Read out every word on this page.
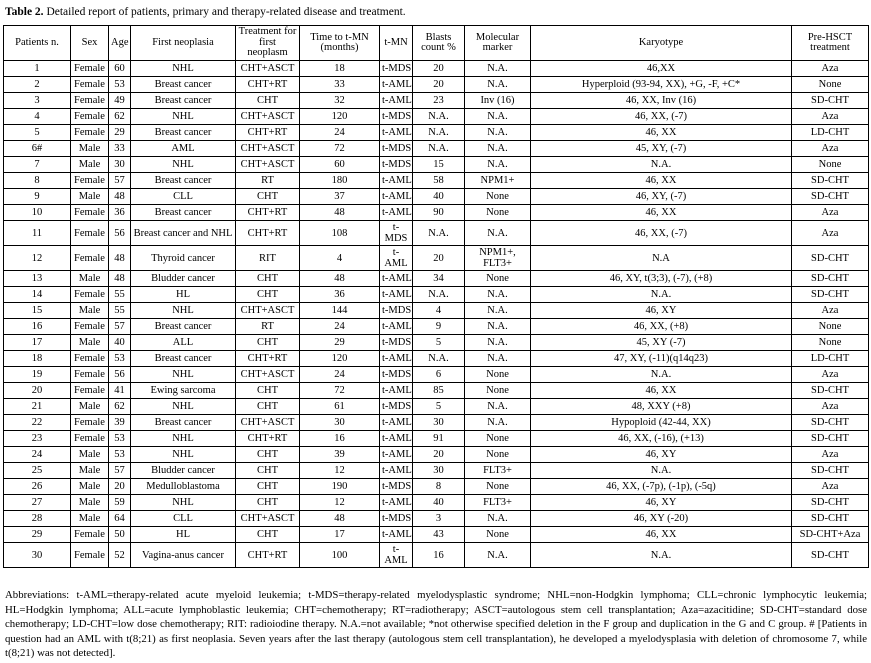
Table 2. Detailed report of patients, primary and therapy-related disease and treatment.
Patients n.	Sex	Age	First neoplasia	Treatment for first neoplasm	Time to t-MN (months)	t-MN	Blasts count %	Molecular marker	Karyotype	Pre-HSCT treatment
1	Female	60	NHL	CHT+ASCT	18	t-MDS	20	N.A.	46,XX	Aza
2	Female	53	Breast cancer	CHT+RT	33	t-AML	20	N.A.	Hyperploid (93-94, XX), +G, -F, +C*	None
3	Female	49	Breast cancer	CHT	32	t-AML	23	Inv (16)	46, XX, Inv (16)	SD-CHT
4	Female	62	NHL	CHT+ASCT	120	t-MDS	N.A.	N.A.	46, XX, (-7)	Aza
5	Female	29	Breast cancer	CHT+RT	24	t-AML	N.A.	N.A.	46, XX	LD-CHT
6#	Male	33	AML	CHT+ASCT	72	t-MDS	N.A.	N.A.	45, XY, (-7)	Aza
7	Male	30	NHL	CHT+ASCT	60	t-MDS	15	N.A.	N.A.	None
8	Female	57	Breast cancer	RT	180	t-AML	58	NPM1+	46, XX	SD-CHT
9	Male	48	CLL	CHT	37	t-AML	40	None	46, XY, (-7)	SD-CHT
10	Female	36	Breast cancer	CHT+RT	48	t-AML	90	None	46, XX	Aza
11	Female	56	Breast cancer and NHL	CHT+RT	108	t-MDS	N.A.	N.A.	46, XX, (-7)	Aza
12	Female	48	Thyroid cancer	RIT	4	t-AML	20	NPM1+, FLT3+	N.A	SD-CHT
13	Male	48	Bludder cancer	CHT	48	t-AML	34	None	46, XY, t(3;3), (-7), (+8)	SD-CHT
14	Female	55	HL	CHT	36	t-AML	N.A.	N.A.	N.A.	SD-CHT
15	Male	55	NHL	CHT+ASCT	144	t-MDS	4	N.A.	46, XY	Aza
16	Female	57	Breast cancer	RT	24	t-AML	9	N.A.	46, XX, (+8)	None
17	Male	40	ALL	CHT	29	t-MDS	5	N.A.	45, XY (-7)	None
18	Female	53	Breast cancer	CHT+RT	120	t-AML	N.A.	N.A.	47, XY, (-11)(q14q23)	LD-CHT
19	Female	56	NHL	CHT+ASCT	24	t-MDS	6	None	N.A.	Aza
20	Female	41	Ewing sarcoma	CHT	72	t-AML	85	None	46, XX	SD-CHT
21	Male	62	NHL	CHT	61	t-MDS	5	N.A.	48, XXY (+8)	Aza
22	Female	39	Breast cancer	CHT+ASCT	30	t-AML	30	N.A.	Hypoploid (42-44, XX)	SD-CHT
23	Female	53	NHL	CHT+RT	16	t-AML	91	None	46, XX, (-16), (+13)	SD-CHT
24	Male	53	NHL	CHT	39	t-AML	20	None	46, XY	Aza
25	Male	57	Bludder cancer	CHT	12	t-AML	30	FLT3+	N.A.	SD-CHT
26	Male	20	Medulloblastoma	CHT	190	t-MDS	8	None	46, XX, (-7p), (-1p), (-5q)	Aza
27	Male	59	NHL	CHT	12	t-AML	40	FLT3+	46, XY	SD-CHT
28	Male	64	CLL	CHT+ASCT	48	t-MDS	3	N.A.	46, XY (-20)	SD-CHT
29	Female	50	HL	CHT	17	t-AML	43	None	46, XX	SD-CHT+Aza
30	Female	52	Vagina-anus cancer	CHT+RT	100	t-AML	16	N.A.	N.A.	SD-CHT
Abbreviations: t-AML=therapy-related acute myeloid leukemia; t-MDS=therapy-related myelodysplastic syndrome; NHL=non-Hodgkin lymphoma; CLL=chronic lymphocytic leukemia; HL=Hodgkin lymphoma; ALL=acute lymphoblastic leukemia; CHT=chemotherapy; RT=radiotherapy; ASCT=autologous stem cell transplantation; Aza=azacitidine; SD-CHT=standard dose chemotherapy; LD-CHT=low dose chemotherapy; RIT: radioiodine therapy. N.A.=not available; *not otherwise specified deletion in the F group and duplication in the G and C group. # [Patients in question had an AML with t(8;21) as first neoplasia. Seven years after the last therapy (autologous stem cell transplantation), he developed a myelodysplasia with deletion of chromosome 7, while t(8;21) was not detected].
